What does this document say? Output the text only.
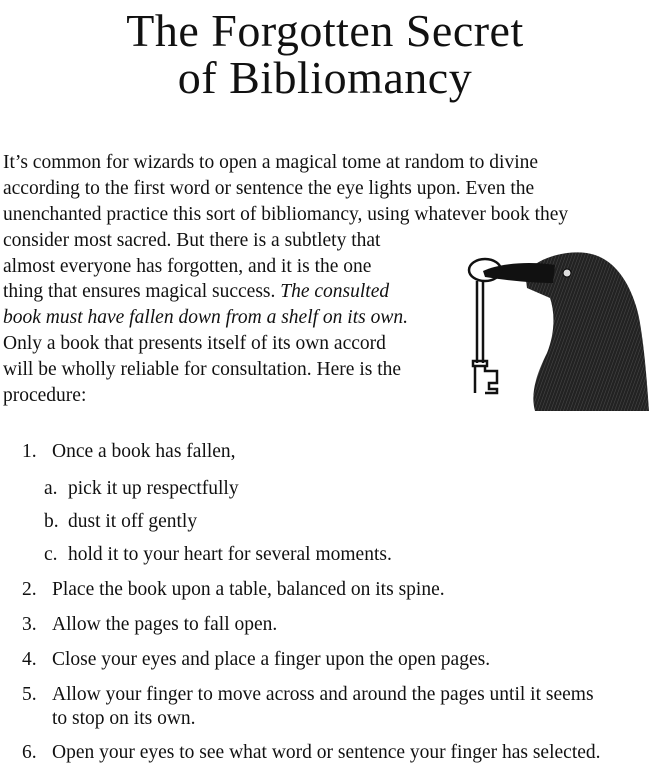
The Forgotten Secret
of Bibliomancy
It’s common for wizards to open a magical tome at random to divine
according to the first word or sentence the eye lights upon. Even the
unenchanted practice this sort of bibliomancy, using whatever book they
consider most sacred. But there is a subtlety that
almost everyone has forgotten, and it is the one
thing that ensures magical success. The consulted
book must have fallen down from a shelf on its own.
Only a book that presents itself of its own accord
will be wholly reliable for consultation. Here is the
procedure:
1. Once a book has fallen,
a. pick it up respectfully
b. dust it off gently
c. hold it to your heart for several moments.
2. Place the book upon a table, balanced on its spine.
3. Allow the pages to fall open.
4. Close your eyes and place a finger upon the open pages.
5. Allow your finger to move across and around the pages until it seems
to stop on its own.
6. Open your eyes to see what word or sentence your finger has selected.
